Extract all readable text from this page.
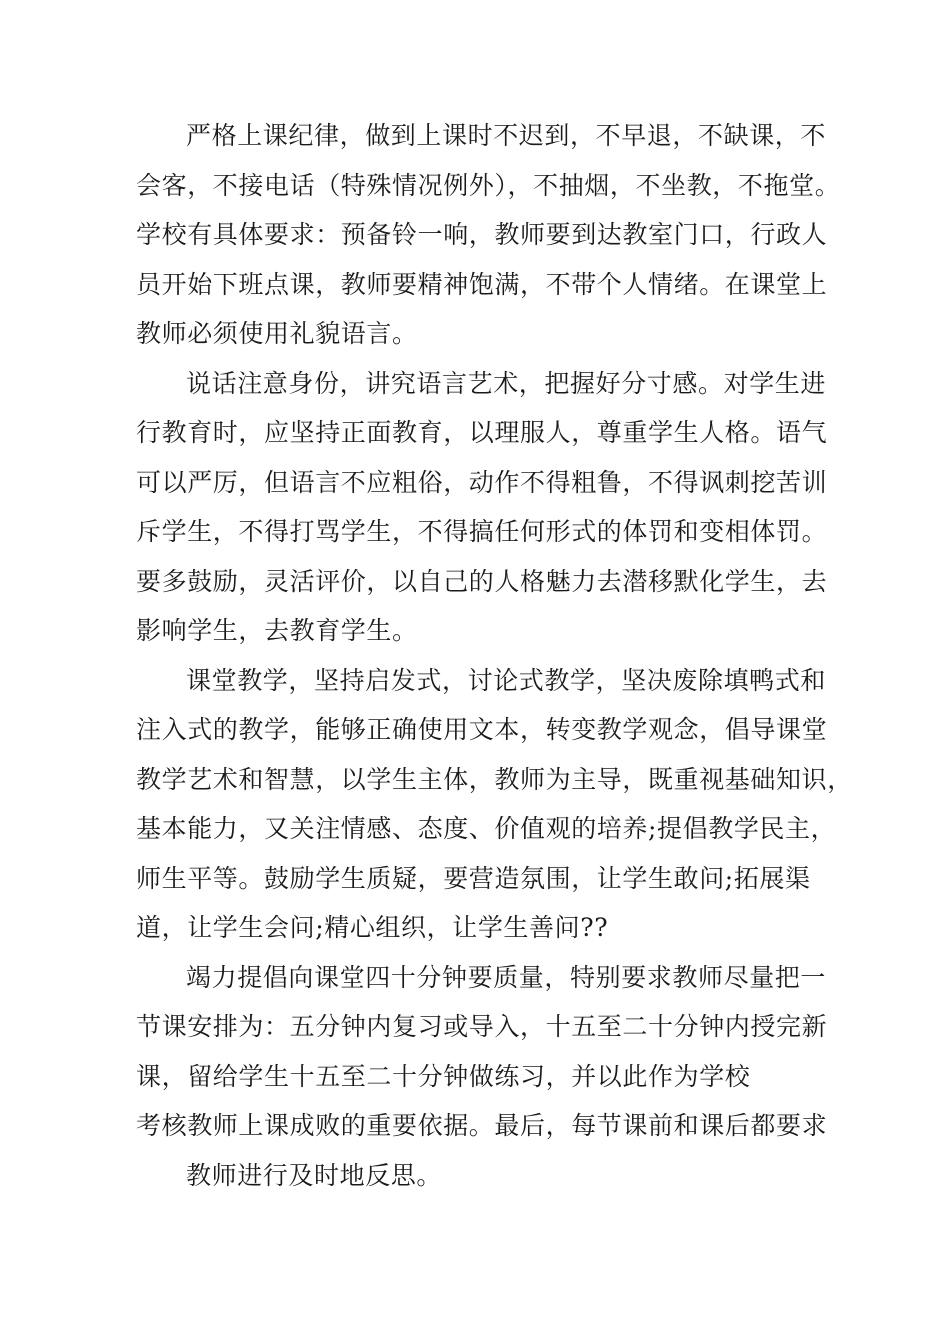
严格上课纪律，做到上课时不迟到，不早退，不缺课，不
会客，不接电话（特殊情况例外），不抽烟，不坐教，不拖堂。
学校有具体要求：预备铃一响，教师要到达教室门口，行政人
员开始下班点课，教师要精神饱满，不带个人情绪。在课堂上
教师必须使用礼貌语言。
说话注意身份，讲究语言艺术，把握好分寸感。对学生进
行教育时，应坚持正面教育，以理服人，尊重学生人格。语气
可以严厉，但语言不应粗俗，动作不得粗鲁，不得讽刺挖苦训
斥学生，不得打骂学生，不得搞任何形式的体罚和变相体罚。
要多鼓励，灵活评价，以自己的人格魅力去潜移默化学生，去
影响学生，去教育学生。
课堂教学，坚持启发式，讨论式教学，坚决废除填鸭式和
注入式的教学，能够正确使用文本，转变教学观念，倡导课堂
教学艺术和智慧，以学生主体，教师为主导，既重视基础知识，
基本能力，又关注情感、态度、价值观的培养;提倡教学民主，
师生平等。鼓励学生质疑，要营造氛围，让学生敢问;拓展渠
道，让学生会问;精心组织，让学生善问??
竭力提倡向课堂四十分钟要质量，特别要求教师尽量把一
节课安排为：五分钟内复习或导入，十五至二十分钟内授完新
课，留给学生十五至二十分钟做练习，并以此作为学校
考核教师上课成败的重要依据。最后，每节课前和课后都要求
教师进行及时地反思。
